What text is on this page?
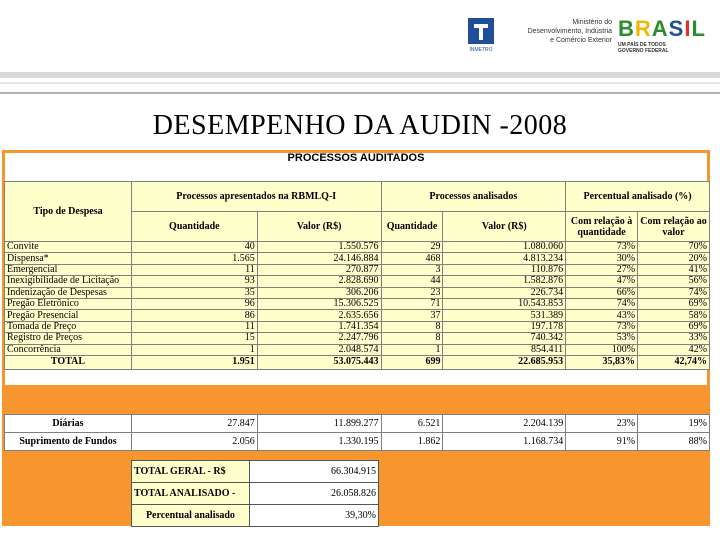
INMETRO
Ministério do
Desenvolvimento, Indústria
e Comércio Exterior BRASIL
UM PAÍS DE TODOS
GOVERNO FEDERAL
DESEMPENHO DA AUDIN -2008
PROCESSOS AUDITADOS
Tipo de Despesa	Processos apresentados na RBMLQ-I		Processos analisados		Percentual analisado (%)	
	Quantidade	Valor (R$)	Quantidade	Valor (R$)	Com relação à quantidade	Com relação ao valor
Convite	40	1.550.576	29	1.080.060	73%	70%
Dispensa*	1.565	24.146.884	468	4.813.234	30%	20%
Emergencial	11	270.877	3	110.876	27%	41%
Inexigibilidade de Licitação	93	2.828.690	44	1.582.876	47%	56%
Indenização de Despesas	35	306.206	23	226.734	66%	74%
Pregão Eletrônico	96	15.306.525	71	10.543.853	74%	69%
Pregão Presencial	86	2.635.656	37	531.389	43%	58%
Tomada de Preço	11	1.741.354	8	197.178	73%	69%
Registro de Preços	15	2.247.796	8	740.342	53%	33%
Concorrência	1	2.048.574	1	854.411	100%	42%
TOTAL	1.951	53.075.443	699	22.685.953	35,83%	42,74%
Diárias	27.847	11.899.277	6.521	2.204.139	23%	19%
Suprimento de Fundos	2.056	1.330.195	1.862	1.168.734	91%	88%
TOTAL GERAL - R$	66.304.915
TOTAL ANALISADO -	26.058.826
Percentual analisado	39,30%
